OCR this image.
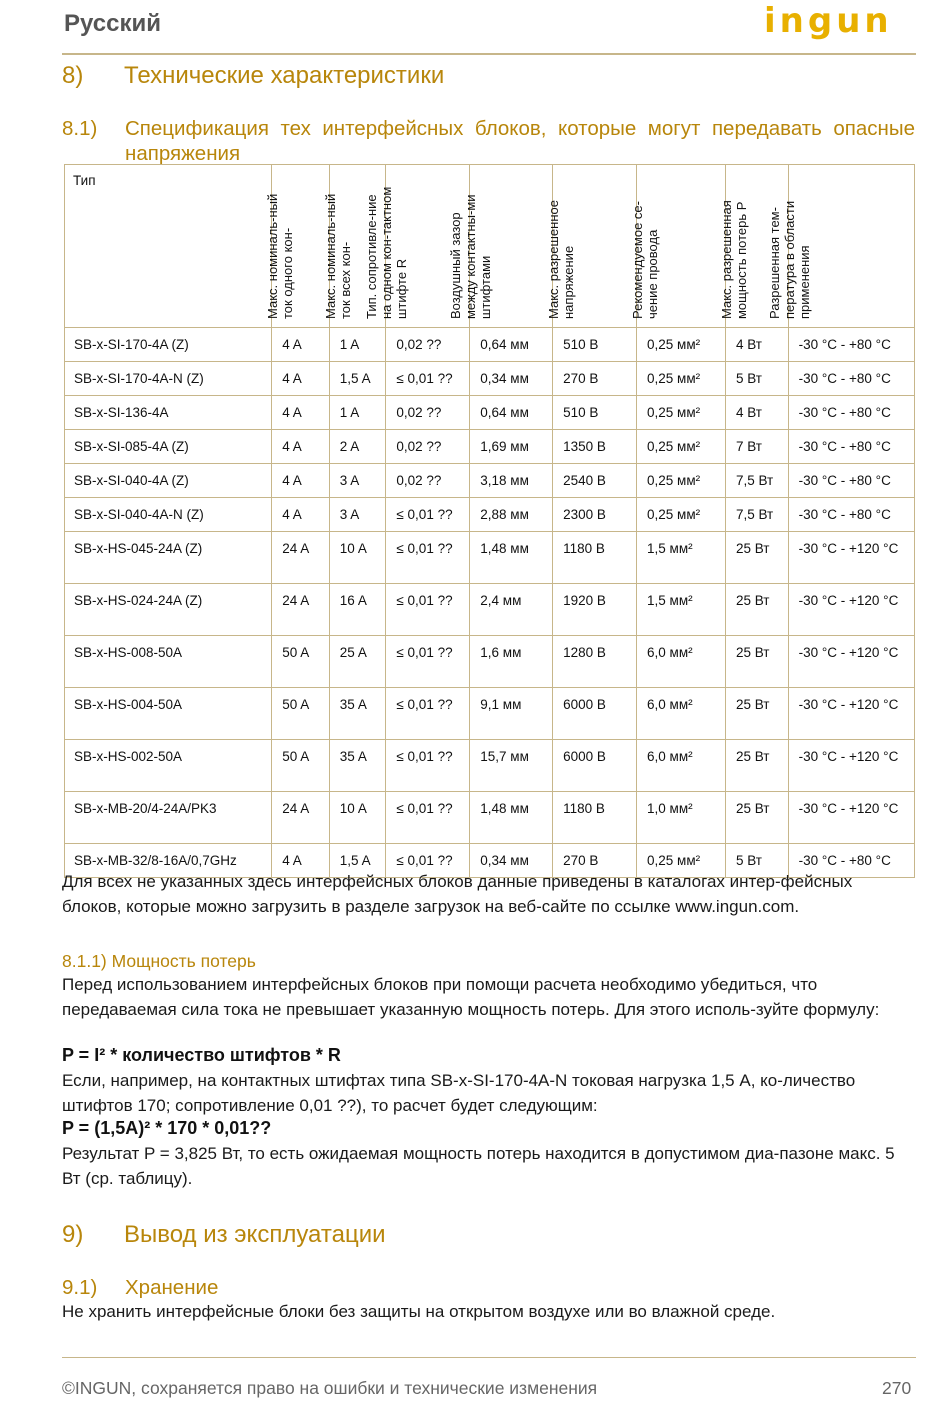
Русский	ingun
8) Технические характеристики
8.1) Спецификация тех интерфейсных блоков, которые могут передавать опасные напряжения
Тип	Макс. номиналь-ный ток одного кон-	Макс. номиналь-ный ток всех кон-	Тип. сопротивле-ние на одном кон-тактном штифте R	Воздушный зазор между контактны-ми штифтами	Макс. разрешенное напряжение	Рекомендуемое се-чение провода	Макс. разрешенная мощность потерь P	Разрешенная тем-пература в области применения

SB-x-SI-170-4A (Z)	4 A	1 A	0,02 ??	0,64 мм	510 В	0,25 мм²	4 Вт	-30 °C - +80 °C
SB-x-SI-170-4A-N (Z)	4 A	1,5 A	≤ 0,01 ??	0,34 мм	270 В	0,25 мм²	5 Вт	-30 °C - +80 °C
SB-x-SI-136-4A	4 A	1 A	0,02 ??	0,64 мм	510 В	0,25 мм²	4 Вт	-30 °C - +80 °C
SB-x-SI-085-4A (Z)	4 A	2 A	0,02 ??	1,69 мм	1350 В	0,25 мм²	7 Вт	-30 °C - +80 °C
SB-x-SI-040-4A (Z)	4 A	3 A	0,02 ??	3,18 мм	2540 В	0,25 мм²	7,5 Вт	-30 °C - +80 °C
SB-x-SI-040-4A-N (Z)	4 A	3 A	≤ 0,01 ??	2,88 мм	2300 В	0,25 мм²	7,5 Вт	-30 °C - +80 °C
SB-x-HS-045-24A (Z)	24 A	10 A	≤ 0,01 ??	1,48 мм	1180 В	1,5 мм²	25 Вт	-30 °C - +120 °C
SB-x-HS-024-24A (Z)	24 A	16 A	≤ 0,01 ??	2,4 мм	1920 В	1,5 мм²	25 Вт	-30 °C - +120 °C
SB-x-HS-008-50A	50 A	25 A	≤ 0,01 ??	1,6 мм	1280 В	6,0 мм²	25 Вт	-30 °C - +120 °C
SB-x-HS-004-50A	50 A	35 A	≤ 0,01 ??	9,1 мм	6000 В	6,0 мм²	25 Вт	-30 °C - +120 °C
SB-x-HS-002-50A	50 A	35 A	≤ 0,01 ??	15,7 мм	6000 В	6,0 мм²	25 Вт	-30 °C - +120 °C
SB-x-MB-20/4-24A/PK3	24 A	10 A	≤ 0,01 ??	1,48 мм	1180 В	1,0 мм²	25 Вт	-30 °C - +120 °C
SB-x-MB-32/8-16A/0,7GHz	4 A	1,5 A	≤ 0,01 ??	0,34 мм	270 В	0,25 мм²	5 Вт	-30 °C - +80 °C
Для всех не указанных здесь интерфейсных блоков данные приведены в каталогах интер-фейсных блоков, которые можно загрузить в разделе загрузок на веб-сайте по ссылке www.ingun.com.
8.1.1) Мощность потерь
Перед использованием интерфейсных блоков при помощи расчета необходимо убедиться, что передаваемая сила тока не превышает указанную мощность потерь. Для этого исполь-зуйте формулу:
P = I² * количество штифтов * R
Если, например, на контактных штифтах типа SB-x-SI-170-4A-N токовая нагрузка 1,5 A, ко-личество штифтов 170; сопротивление 0,01 ??), то расчет будет следующим:
P = (1,5A)² * 170 * 0,01??
Результат P = 3,825 Вт, то есть ожидаемая мощность потерь находится в допустимом диа-пазоне макс. 5 Вт (ср. таблицу).
9) Вывод из эксплуатации
9.1) Хранение
Не хранить интерфейсные блоки без защиты на открытом воздухе или во влажной среде.
©INGUN, сохраняется право на ошибки и технические изменения	270
